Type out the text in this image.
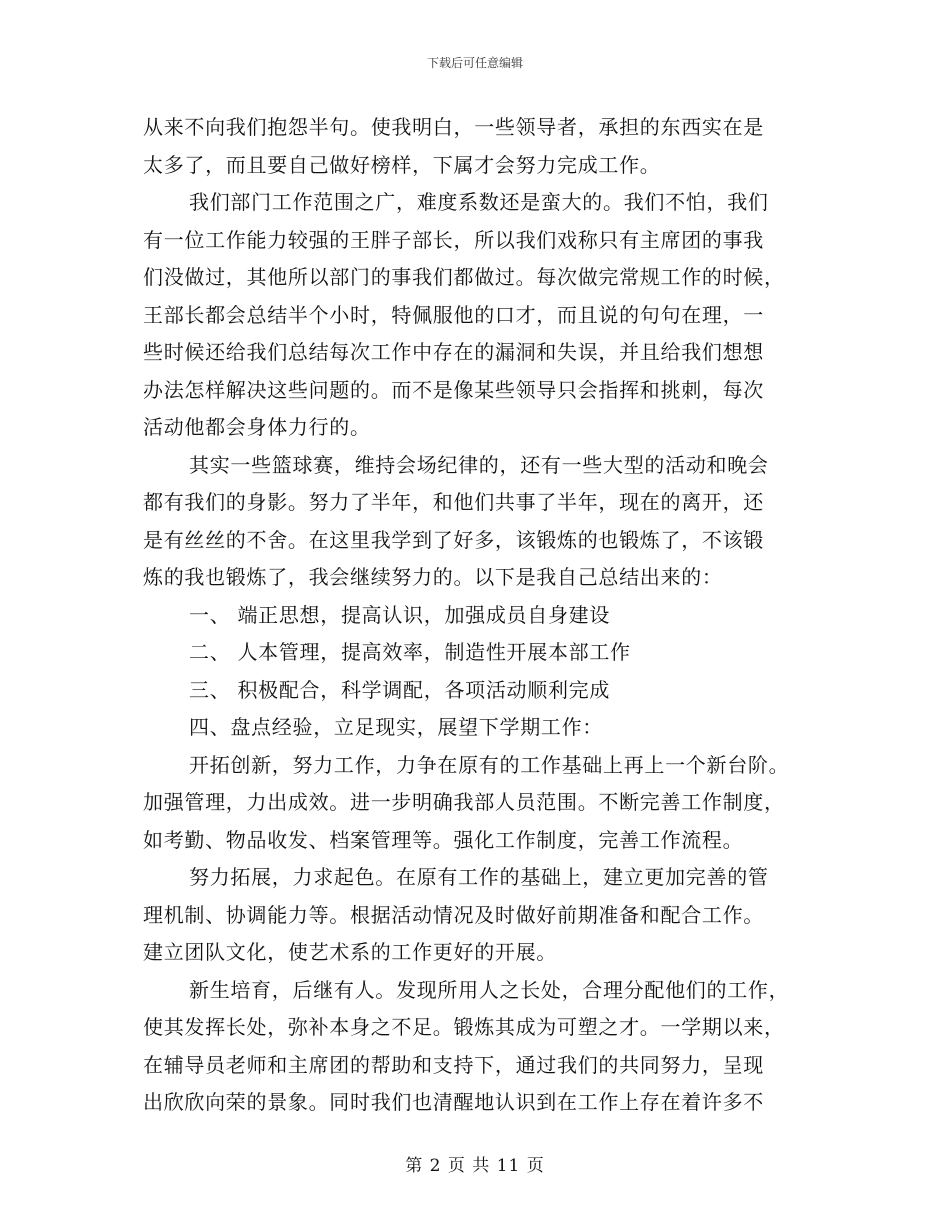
下载后可任意编辑

从来不向我们抱怨半句。使我明白，一些领导者，承担的东西实在是

太多了，而且要自己做好榜样，下属才会努力完成工作。

我们部门工作范围之广，难度系数还是蛮大的。我们不怕，我们

有一位工作能力较强的王胖子部长，所以我们戏称只有主席团的事我

们没做过，其他所以部门的事我们都做过。每次做完常规工作的时候，

王部长都会总结半个小时，特佩服他的口才，而且说的句句在理，一

些时候还给我们总结每次工作中存在的漏洞和失误，并且给我们想想

办法怎样解决这些问题的。而不是像某些领导只会指挥和挑刺，每次

活动他都会身体力行的。

其实一些篮球赛，维持会场纪律的，还有一些大型的活动和晚会

都有我们的身影。努力了半年，和他们共事了半年，现在的离开，还

是有丝丝的不舍。在这里我学到了好多，该锻炼的也锻炼了，不该锻

炼的我也锻炼了，我会继续努力的。以下是我自己总结出来的：

一、 端正思想，提高认识，加强成员自身建设

二、 人本管理，提高效率，制造性开展本部工作

三、 积极配合，科学调配，各项活动顺利完成

四、盘点经验，立足现实，展望下学期工作：

开拓创新，努力工作，力争在原有的工作基础上再上一个新台阶。

加强管理，力出成效。进一步明确我部人员范围。不断完善工作制度，

如考勤、物品收发、档案管理等。强化工作制度，完善工作流程。

努力拓展，力求起色。在原有工作的基础上，建立更加完善的管

理机制、协调能力等。根据活动情况及时做好前期准备和配合工作。

建立团队文化，使艺术系的工作更好的开展。

新生培育，后继有人。发现所用人之长处，合理分配他们的工作，

使其发挥长处，弥补本身之不足。锻炼其成为可塑之才。一学期以来，

在辅导员老师和主席团的帮助和支持下，通过我们的共同努力，呈现

出欣欣向荣的景象。同时我们也清醒地认识到在工作上存在着许多不

第 2 页 共 11 页
